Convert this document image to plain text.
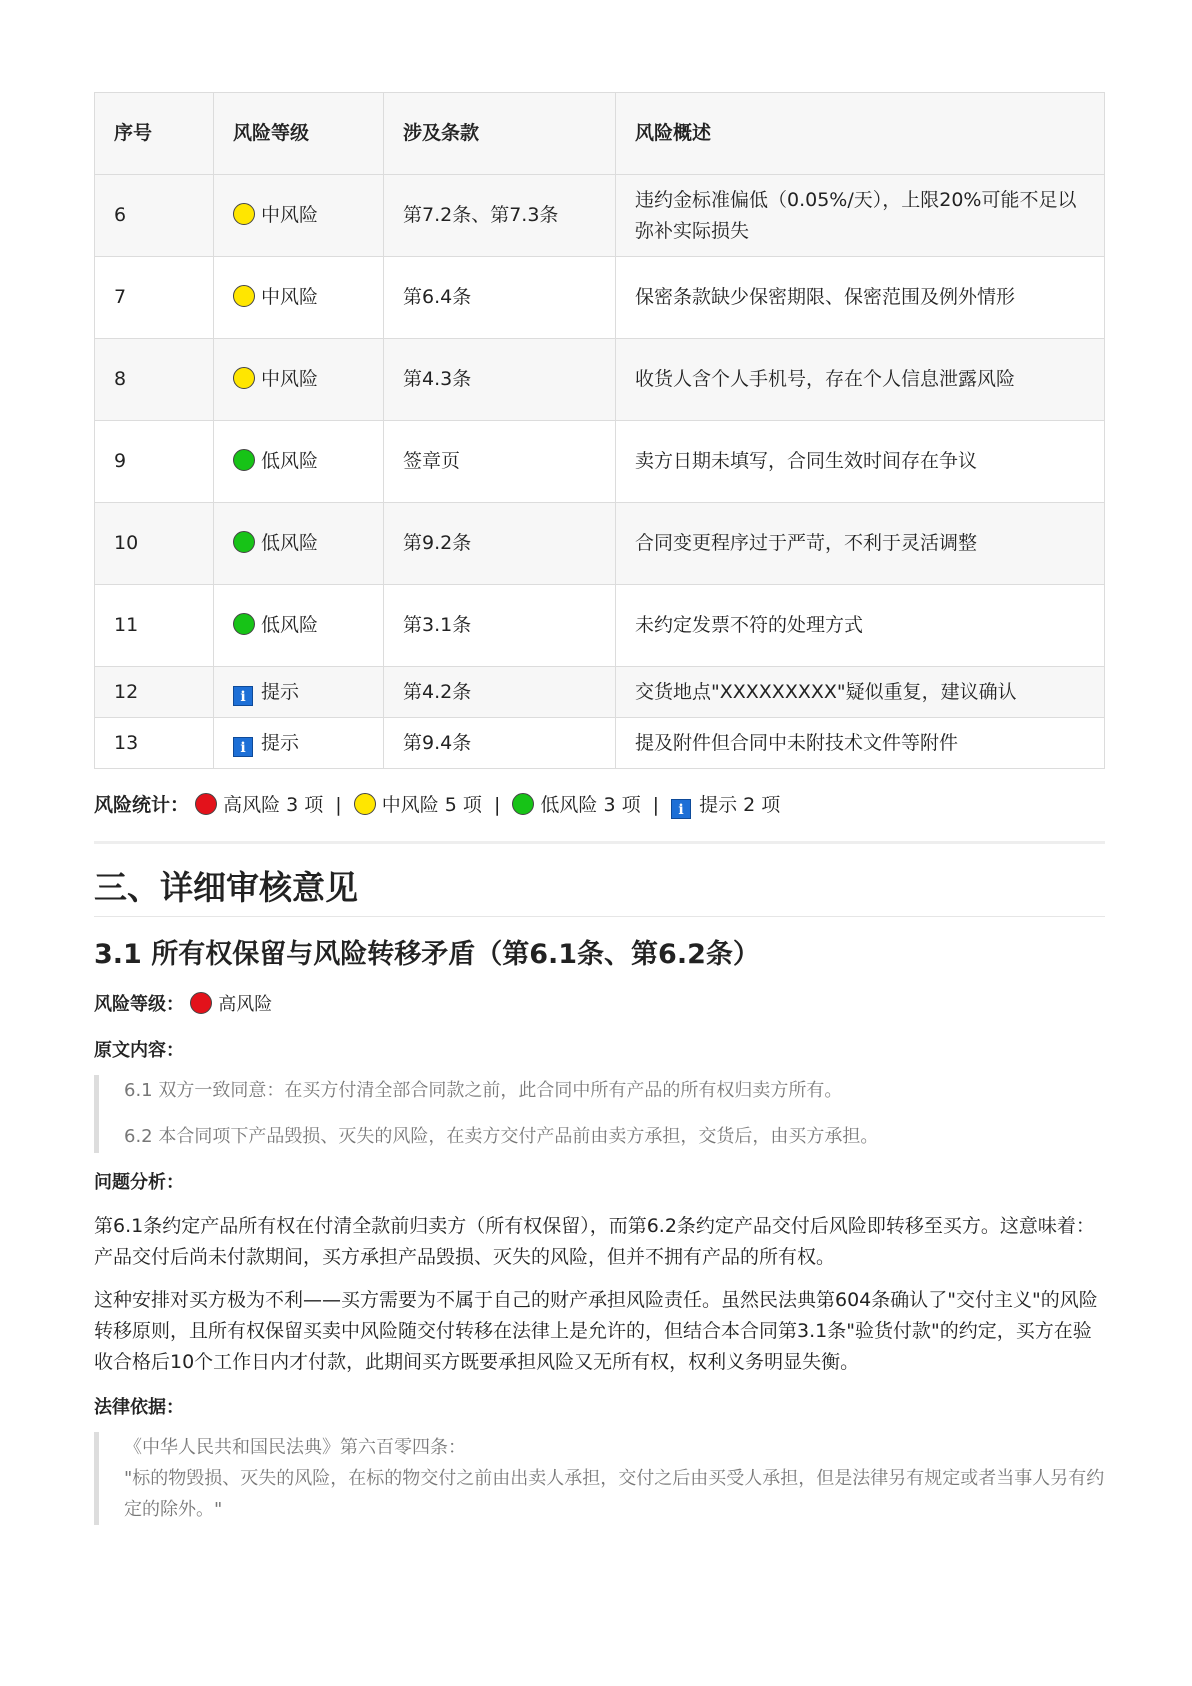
序号	风险等级	涉及条款	风险概述
6	中风险	第7.2条、第7.3条	违约金标准偏低（0.05%/天），上限20%可能不足以弥补实际损失
7	中风险	第6.4条	保密条款缺少保密期限、保密范围及例外情形
8	中风险	第4.3条	收货人含个人手机号，存在个人信息泄露风险
9	低风险	签章页	卖方日期未填写，合同生效时间存在争议
10	低风险	第9.2条	合同变更程序过于严苛，不利于灵活调整
11	低风险	第3.1条	未约定发票不符的处理方式
12	i 提示	第4.2条	交货地点"XXXXXXXXX"疑似重复，建议确认
13	i 提示	第9.4条	提及附件但合同中未附技术文件等附件
风险统计： 高风险 3 项 | 中风险 5 项 | 低风险 3 项 | i 提示 2 项
三、详细审核意见
3.1 所有权保留与风险转移矛盾（第6.1条、第6.2条）
风险等级： 高风险
原文内容：

6.1 双方一致同意：在买方付清全部合同款之前，此合同中所有产品的所有权归卖方所有。

6.2 本合同项下产品毁损、灭失的风险，在卖方交付产品前由卖方承担，交货后，由买方承担。

问题分析：
第6.1条约定产品所有权在付清全款前归卖方（所有权保留），而第6.2条约定产品交付后风险即转移至买方。这意味着：产品交付后尚未付款期间，买方承担产品毁损、灭失的风险，但并不拥有产品的所有权。
这种安排对买方极为不利——买方需要为不属于自己的财产承担风险责任。虽然民法典第604条确认了"交付主义"的风险转移原则，且所有权保留买卖中风险随交付转移在法律上是允许的，但结合本合同第3.1条"验货付款"的约定，买方在验收合格后10个工作日内才付款，此期间买方既要承担风险又无所有权，权利义务明显失衡。
法律依据：
《中华人民共和国民法典》第六百零四条：
"标的物毁损、灭失的风险，在标的物交付之前由出卖人承担，交付之后由买受人承担，但是法律另有规定或者当事人另有约定的除外。"
